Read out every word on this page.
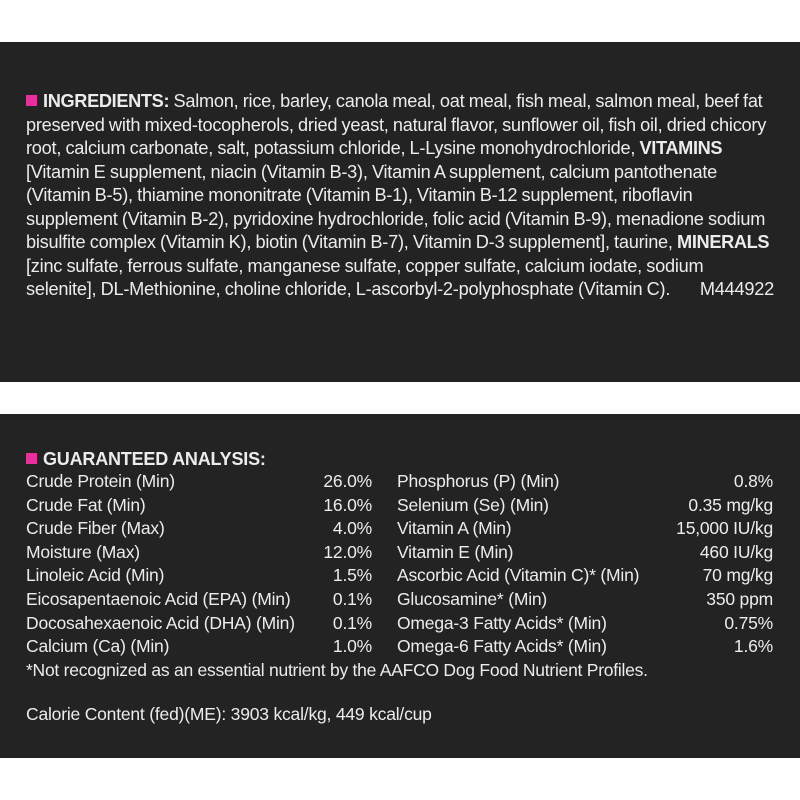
INGREDIENTS: Salmon, rice, barley, canola meal, oat meal, fish meal, salmon meal, beef fat preserved with mixed-tocopherols, dried yeast, natural flavor, sunflower oil, fish oil, dried chicory root, calcium carbonate, salt, potassium chloride, L-Lysine monohydrochloride, VITAMINS [Vitamin E supplement, niacin (Vitamin B-3), Vitamin A supplement, calcium pantothenate (Vitamin B-5), thiamine mononitrate (Vitamin B-1), Vitamin B-12 supplement, riboflavin supplement (Vitamin B-2), pyridoxine hydrochloride, folic acid (Vitamin B-9), menadione sodium bisulfite complex (Vitamin K), biotin (Vitamin B-7), Vitamin D-3 supplement], taurine, MINERALS [zinc sulfate, ferrous sulfate, manganese sulfate, copper sulfate, calcium iodate, sodium selenite], DL-Methionine, choline chloride, L-ascorbyl-2-polyphosphate (Vitamin C). M444922

GUARANTEED ANALYSIS:

Crude Protein (Min)	26.0%
Crude Fat (Min)	16.0%
Crude Fiber (Max)	4.0%
Moisture (Max)	12.0%
Linoleic Acid (Min)	1.5%
Eicosapentaenoic Acid (EPA) (Min) 0.1%
Docosahexaenoic Acid (DHA) (Min) 0.1%
Calcium (Ca) (Min)	1.0%
Phosphorus (P) (Min)	0.8%
Selenium (Se) (Min)	0.35 mg/kg
Vitamin A (Min)	15,000 IU/kg
Vitamin E (Min)	460 IU/kg
Ascorbic Acid (Vitamin C)* (Min)	70 mg/kg
Glucosamine* (Min)	350 ppm
Omega-3 Fatty Acids* (Min)	0.75%
Omega-6 Fatty Acids* (Min)	1.6%

*Not recognized as an essential nutrient by the AAFCO Dog Food Nutrient Profiles.

Calorie Content (fed)(ME): 3903 kcal/kg, 449 kcal/cup
